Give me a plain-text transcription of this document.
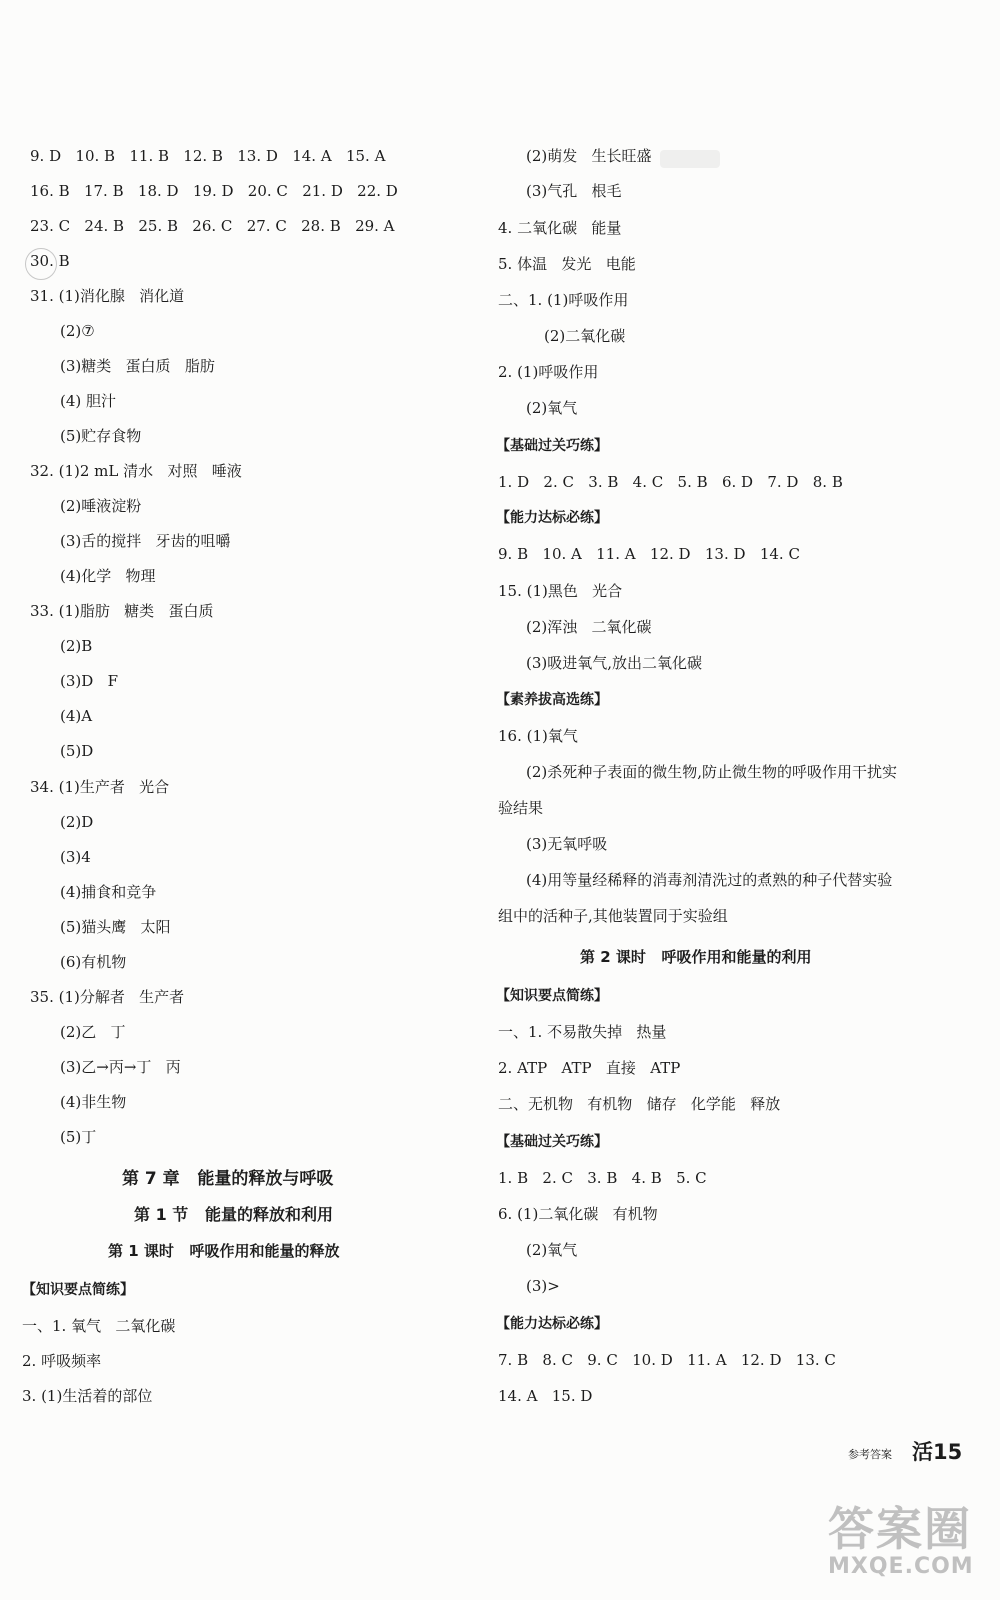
9. D   10. B   11. B   12. B   13. D   14. A   15. A
16. B   17. B   18. D   19. D   20. C   21. D   22. D
23. C   24. B   25. B   26. C   27. C   28. B   29. A
30. B
31. (1)消化腺   消化道
(2)⑦
(3)糖类   蛋白质   脂肪
(4) 胆汁
(5)贮存食物
32. (1)2 mL 清水   对照   唾液
(2)唾液淀粉
(3)舌的搅拌   牙齿的咀嚼
(4)化学   物理
33. (1)脂肪   糖类   蛋白质
(2)B
(3)D   F
(4)A
(5)D
34. (1)生产者   光合
(2)D
(3)4
(4)捕食和竞争
(5)猫头鹰   太阳
(6)有机物
35. (1)分解者   生产者
(2)乙   丁
(3)乙→丙→丁   丙
(4)非生物
(5)丁
第 7 章   能量的释放与呼吸
第 1 节   能量的释放和利用
第 1 课时   呼吸作用和能量的释放
【知识要点简练】
一、1. 氧气   二氧化碳
2. 呼吸频率
3. (1)生活着的部位
(2)萌发   生长旺盛
(3)气孔   根毛
4. 二氧化碳   能量
5. 体温   发光   电能
二、1. (1)呼吸作用
(2)二氧化碳
2. (1)呼吸作用
(2)氧气
【基础过关巧练】
1. D   2. C   3. B   4. C   5. B   6. D   7. D   8. B
【能力达标必练】
9. B   10. A   11. A   12. D   13. D   14. C
15. (1)黑色   光合
(2)浑浊   二氧化碳
(3)吸进氧气,放出二氧化碳
【素养拔高选练】
16. (1)氧气
(2)杀死种子表面的微生物,防止微生物的呼吸作用干扰实
验结果
(3)无氧呼吸
(4)用等量经稀释的消毒剂清洗过的煮熟的种子代替实验
组中的活种子,其他装置同于实验组
第 2 课时   呼吸作用和能量的利用
【知识要点简练】
一、1. 不易散失掉   热量
2. ATP   ATP   直接   ATP
二、无机物   有机物   储存   化学能   释放
【基础过关巧练】
1. B   2. C   3. B   4. B   5. C
6. (1)二氧化碳   有机物
(2)氧气
(3)>
【能力达标必练】
7. B   8. C   9. C   10. D   11. A   12. D   13. C
14. A   15. D
参考答案 活15
答案圈
MXQE.COM
